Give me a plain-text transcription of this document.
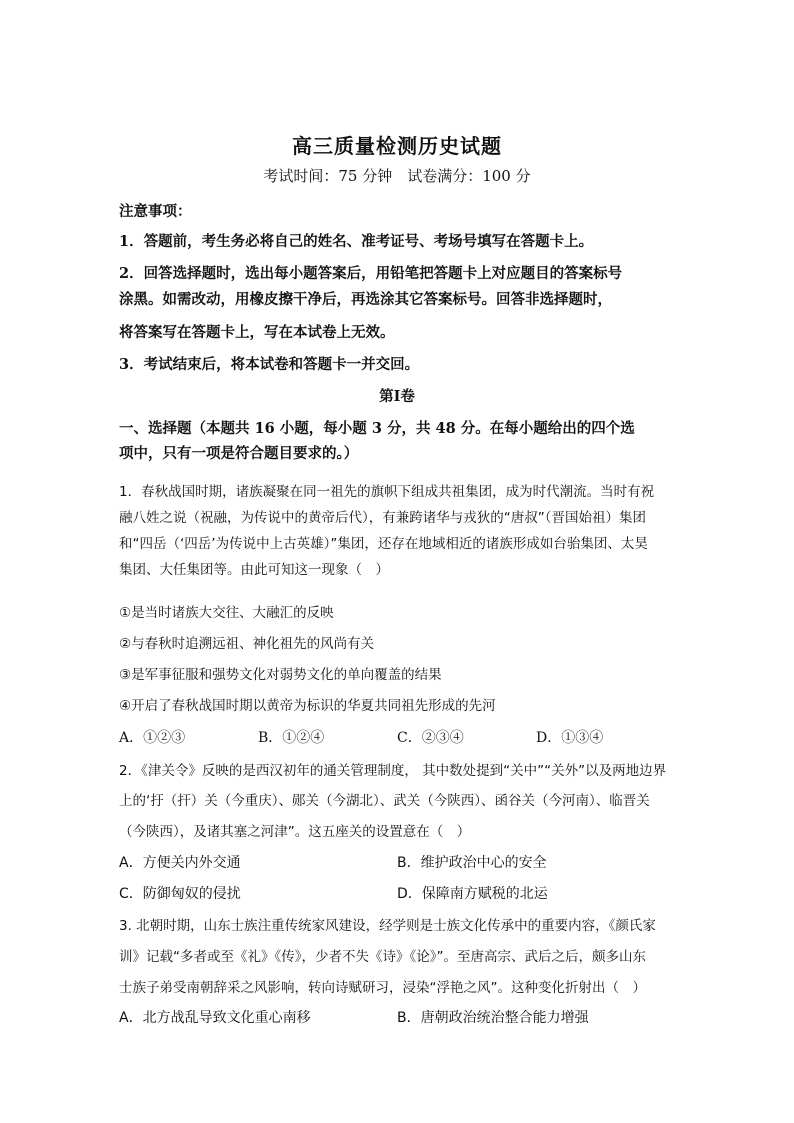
高三质量检测历史试题
考试时间：75 分钟　试卷满分：100 分
注意事项：
1．答题前，考生务必将自己的姓名、准考证号、考场号填写在答题卡上。
2．回答选择题时，选出每小题答案后，用铅笔把答题卡上对应题目的答案标号
涂黑。如需改动，用橡皮擦干净后，再选涂其它答案标号。回答非选择题时，
将答案写在答题卡上，写在本试卷上无效。
3．考试结束后，将本试卷和答题卡一并交回。
第Ⅰ卷
一、选择题（本题共 16 小题，每小题 3 分，共 48 分。在每小题给出的四个选
项中，只有一项是符合题目要求的。）
1．春秋战国时期，诸族凝聚在同一祖先的旗帜下组成共祖集团，成为时代潮流。当时有祝
融八姓之说（祝融，为传说中的黄帝后代），有兼跨诸华与戎狄的“唐叔”（晋国始祖）集团
和“四岳（‘四岳’为传说中上古英雄）”集团，还存在地域相近的诸族形成如台骀集团、太昊
集团、大任集团等。由此可知这一现象（　）
①是当时诸族大交往、大融汇的反映
②与春秋时追溯远祖、神化祖先的风尚有关
③是军事征服和强势文化对弱势文化的单向覆盖的结果
④开启了春秋战国时期以黄帝为标识的华夏共同祖先形成的先河
A．①②③	B．①②④	C．②③④	D．①③④
2．《津关令》反映的是西汉初年的通关管理制度， 其中数处提到“关中”“关外”以及两地边界
上的‘扜（扞）关（今重庆）、郧关（今湖北）、武关（今陕西）、函谷关（今河南）、临晋关
（今陕西），及诸其塞之河津”。这五座关的设置意在（　）
A．方便关内外交通	B．维护政治中心的安全
C．防御匈奴的侵扰	D．保障南方赋税的北运
3. 北朝时期，山东士族注重传统家风建设，经学则是士族文化传承中的重要内容，《颜氏家
训》记载“多者或至《礼》《传》，少者不失《诗》《论》”。至唐高宗、武后之后，颇多山东
士族子弟受南朝辞采之风影响，转向诗赋研习，浸染“浮艳之风”。这种变化折射出（　）
A．北方战乱导致文化重心南移	B．唐朝政治统治整合能力增强
